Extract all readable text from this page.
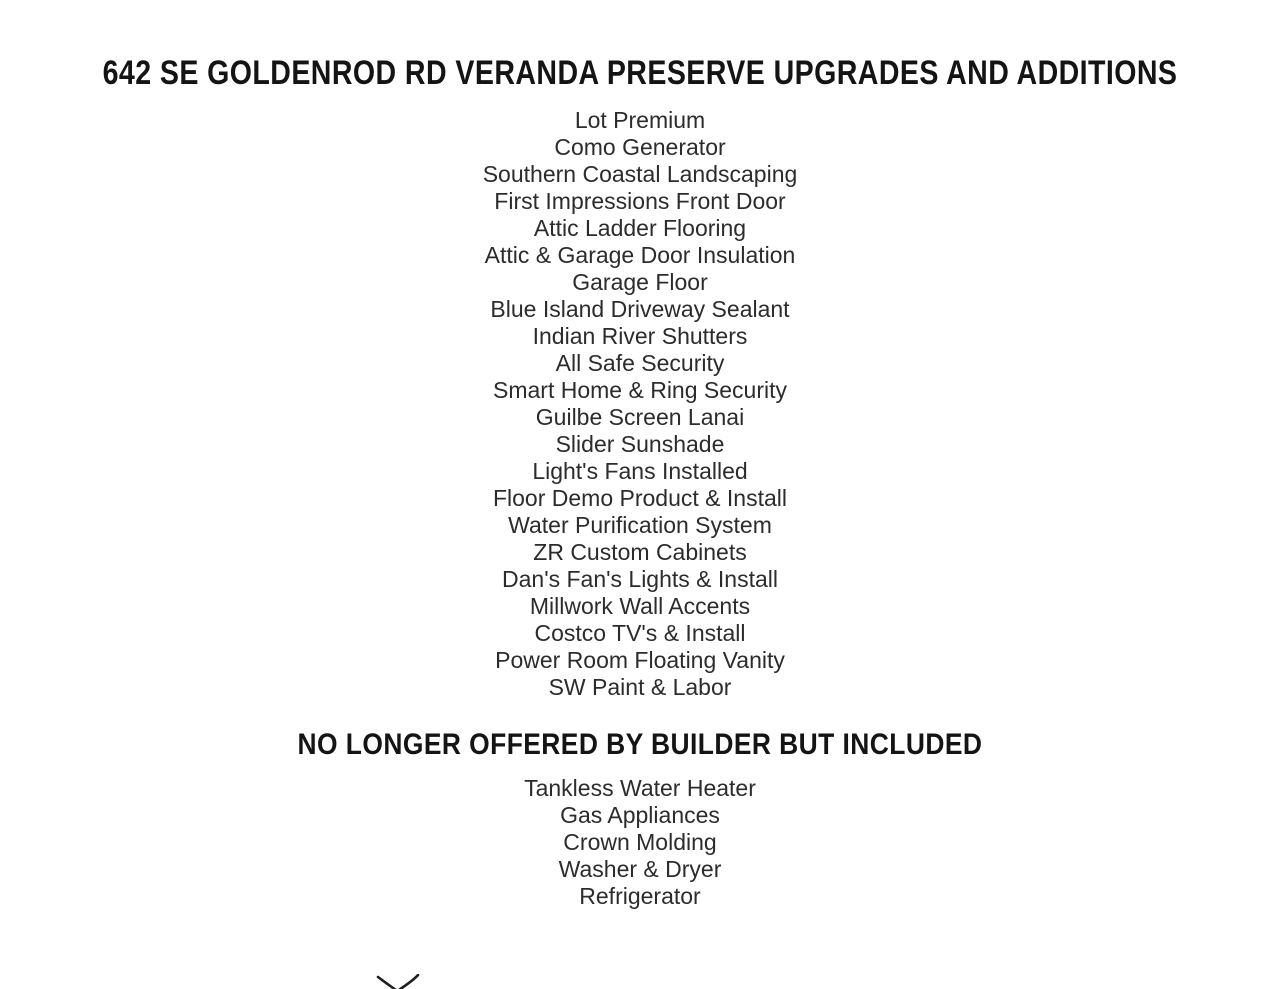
642 SE GOLDENROD RD VERANDA PRESERVE UPGRADES AND ADDITIONS
Lot Premium
Como Generator
Southern Coastal Landscaping
First Impressions Front Door
Attic Ladder Flooring
Attic & Garage Door Insulation
Garage Floor
Blue Island Driveway Sealant
Indian River Shutters
All Safe Security
Smart Home & Ring Security
Guilbe Screen Lanai
Slider Sunshade
Light's Fans Installed
Floor Demo Product & Install
Water Purification System
ZR Custom Cabinets
Dan's Fan's Lights & Install
Millwork Wall Accents
Costco TV's & Install
Power Room Floating Vanity
SW Paint & Labor
NO LONGER OFFERED BY BUILDER BUT INCLUDED
Tankless Water Heater
Gas Appliances
Crown Molding
Washer & Dryer
Refrigerator
